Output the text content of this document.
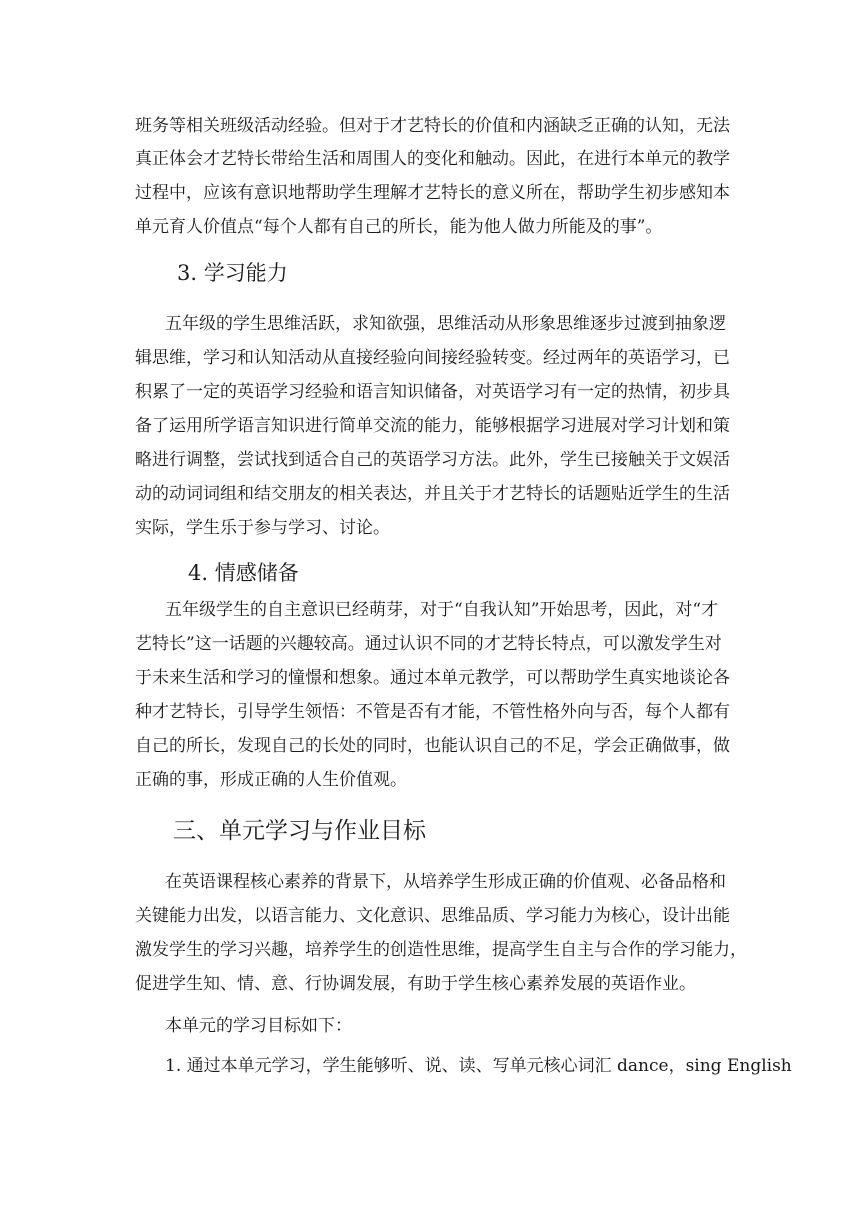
班务等相关班级活动经验。但对于才艺特长的价值和内涵缺乏正确的认知，无法
真正体会才艺特长带给生活和周围人的变化和触动。因此，在进行本单元的教学
过程中，应该有意识地帮助学生理解才艺特长的意义所在，帮助学生初步感知本
单元育人价值点“每个人都有自己的所长，能为他人做力所能及的事”。
3. 学习能力
五年级的学生思维活跃，求知欲强，思维活动从形象思维逐步过渡到抽象逻
辑思维，学习和认知活动从直接经验向间接经验转变。经过两年的英语学习，已
积累了一定的英语学习经验和语言知识储备，对英语学习有一定的热情，初步具
备了运用所学语言知识进行简单交流的能力，能够根据学习进展对学习计划和策
略进行调整，尝试找到适合自己的英语学习方法。此外，学生已接触关于文娱活
动的动词词组和结交朋友的相关表达，并且关于才艺特长的话题贴近学生的生活
实际，学生乐于参与学习、讨论。
4. 情感储备
五年级学生的自主意识已经萌芽，对于“自我认知”开始思考，因此，对“才
艺特长”这一话题的兴趣较高。通过认识不同的才艺特长特点，可以激发学生对
于未来生活和学习的憧憬和想象。通过本单元教学，可以帮助学生真实地谈论各
种才艺特长，引导学生领悟：不管是否有才能，不管性格外向与否，每个人都有
自己的所长，发现自己的长处的同时，也能认识自己的不足，学会正确做事，做
正确的事，形成正确的人生价值观。
三、单元学习与作业目标
在英语课程核心素养的背景下，从培养学生形成正确的价值观、必备品格和
关键能力出发，以语言能力、文化意识、思维品质、学习能力为核心，设计出能
激发学生的学习兴趣，培养学生的创造性思维，提高学生自主与合作的学习能力，
促进学生知、情、意、行协调发展，有助于学生核心素养发展的英语作业。
本单元的学习目标如下：
1. 通过本单元学习，学生能够听、说、读、写单元核心词汇 dance，sing English
